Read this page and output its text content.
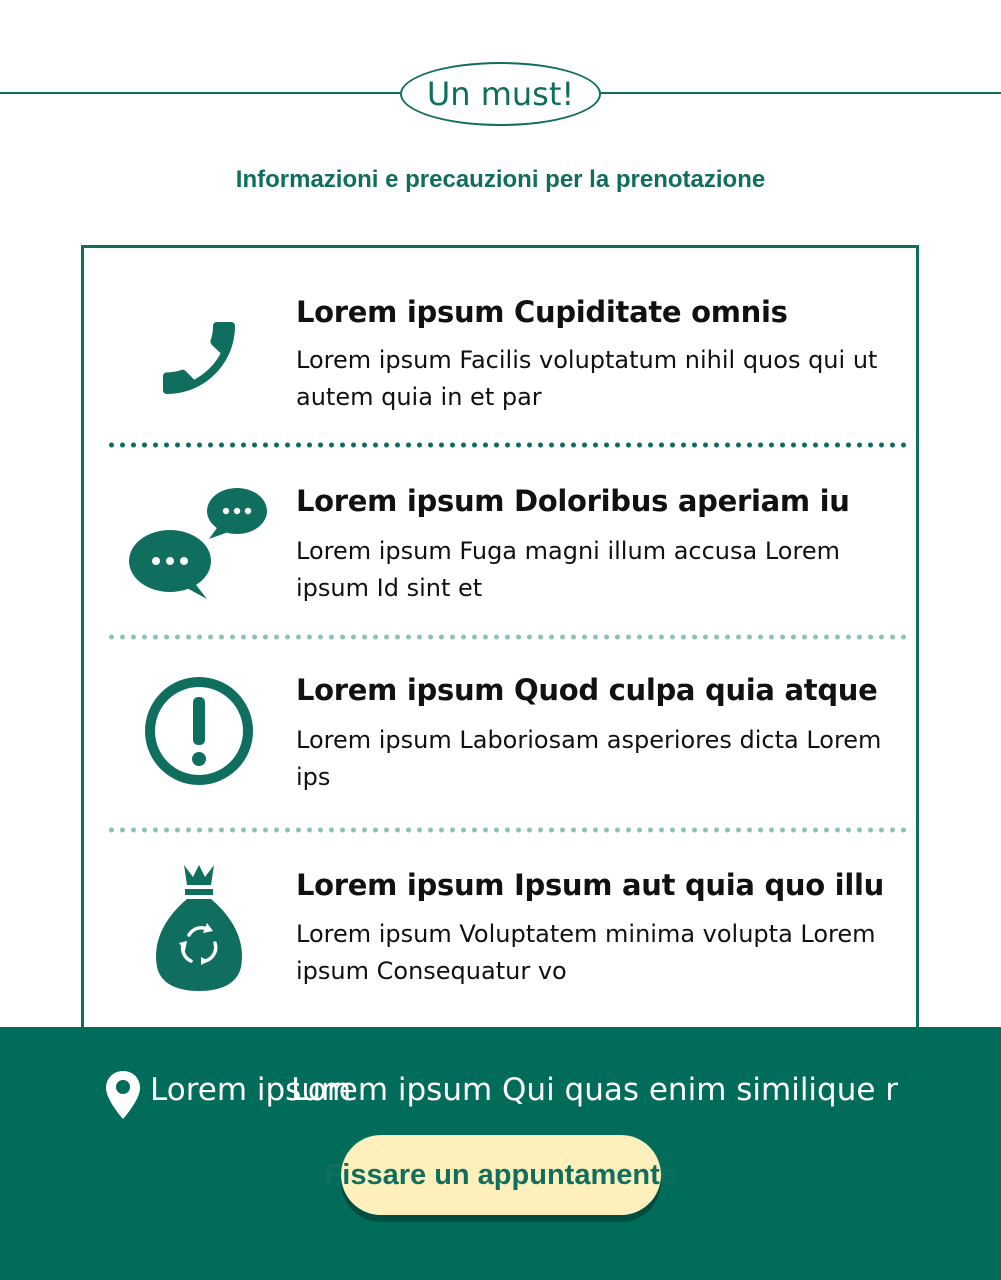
Un must!
Informazioni e precauzioni per la prenotazione
Lorem ipsum Cupiditate omnis
Lorem ipsum Facilis voluptatum nihil quos qui ut autem quia in et par
Lorem ipsum Doloribus aperiam iu
Lorem ipsum Fuga magni illum accusa Lorem ipsum Id sint et
Lorem ipsum Quod culpa quia atque
Lorem ipsum Laboriosam asperiores dicta Lorem ips
Lorem ipsum Ipsum aut quia quo illu
Lorem ipsum Voluptatem minima volupta Lorem ipsum Consequatur vo
Lorem ipsum
Lorem ipsum Qui quas enim similique r
Fissare un appuntamento
